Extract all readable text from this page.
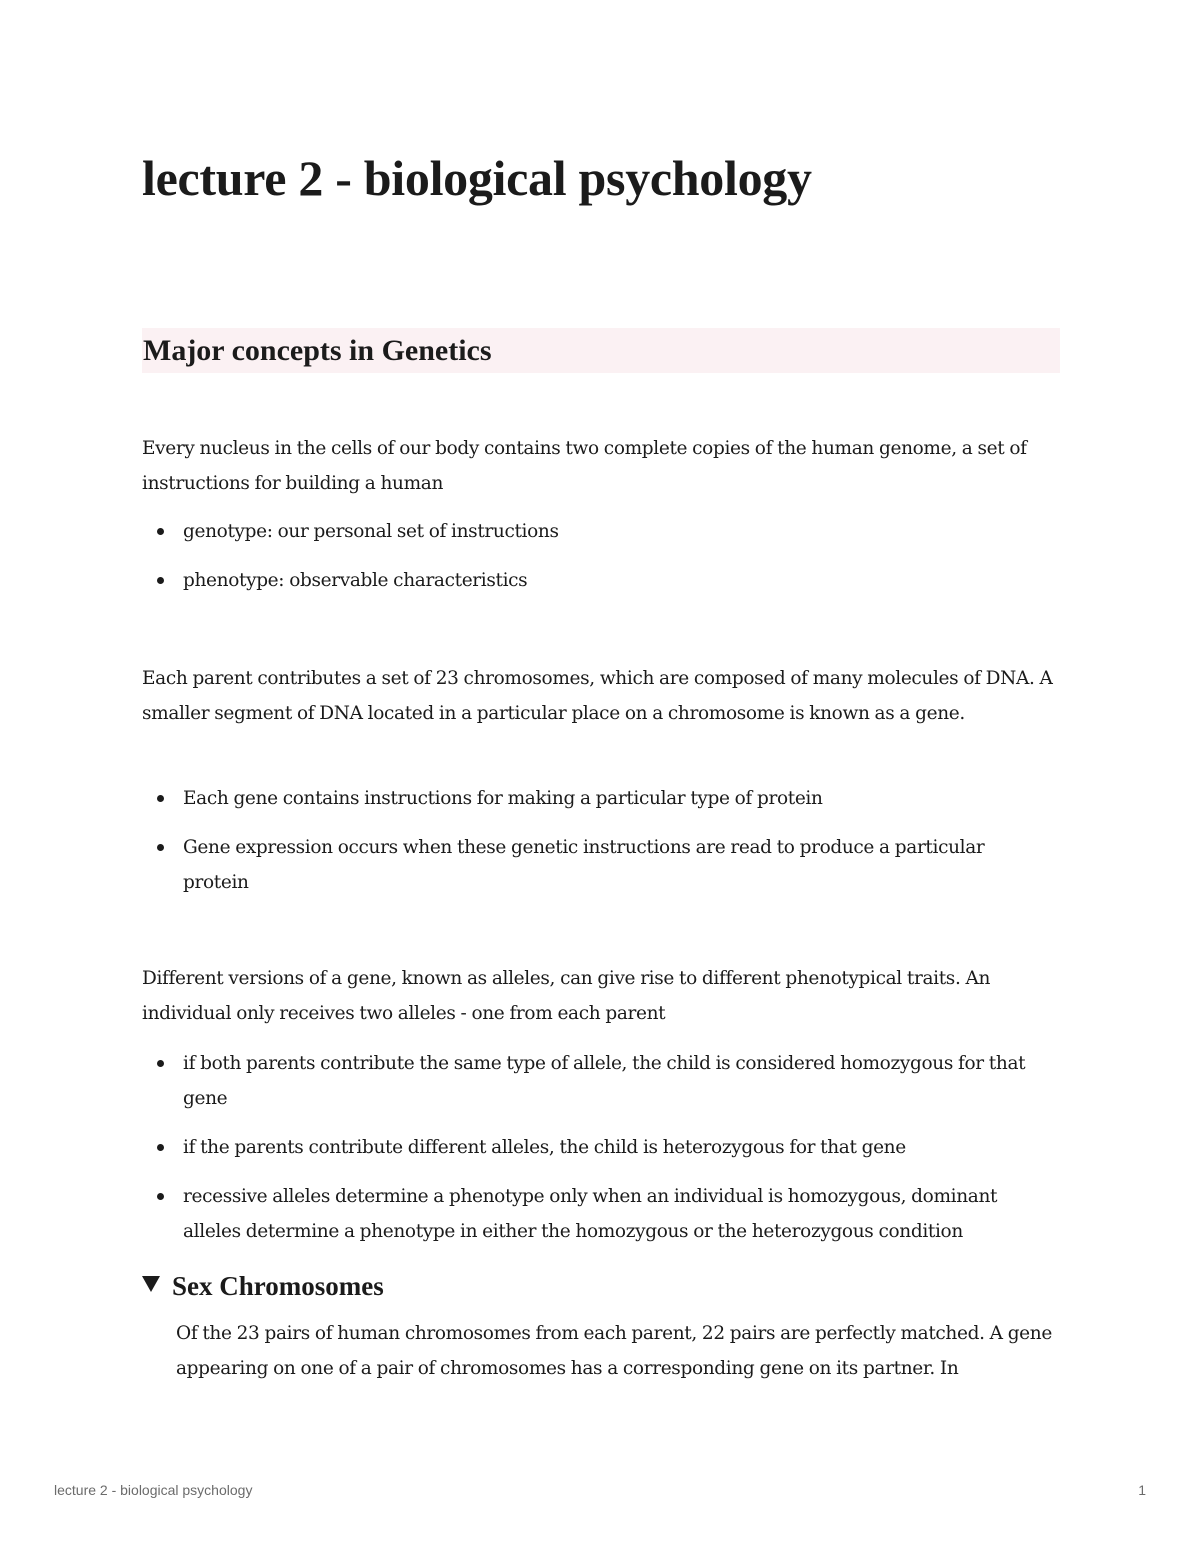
lecture 2 - biological psychology
Major concepts in Genetics

Every nucleus in the cells of our body contains two complete copies of the human genome, a set of instructions for building a human

genotype: our personal set of instructions
phenotype: observable characteristics

Each parent contributes a set of 23 chromosomes, which are composed of many molecules of DNA. A smaller segment of DNA located in a particular place on a chromosome is known as a gene.

Each gene contains instructions for making a particular type of protein
Gene expression occurs when these genetic instructions are read to produce a particular protein

Different versions of a gene, known as alleles, can give rise to different phenotypical traits. An individual only receives two alleles - one from each parent

if both parents contribute the same type of allele, the child is considered homozygous for that gene
if the parents contribute different alleles, the child is heterozygous for that gene
recessive alleles determine a phenotype only when an individual is homozygous, dominant alleles determine a phenotype in either the homozygous or the heterozygous condition
Sex Chromosomes

Of the 23 pairs of human chromosomes from each parent, 22 pairs are perfectly matched. A gene appearing on one of a pair of chromosomes has a corresponding gene on its partner. In

lecture 2 - biological psychology	1
